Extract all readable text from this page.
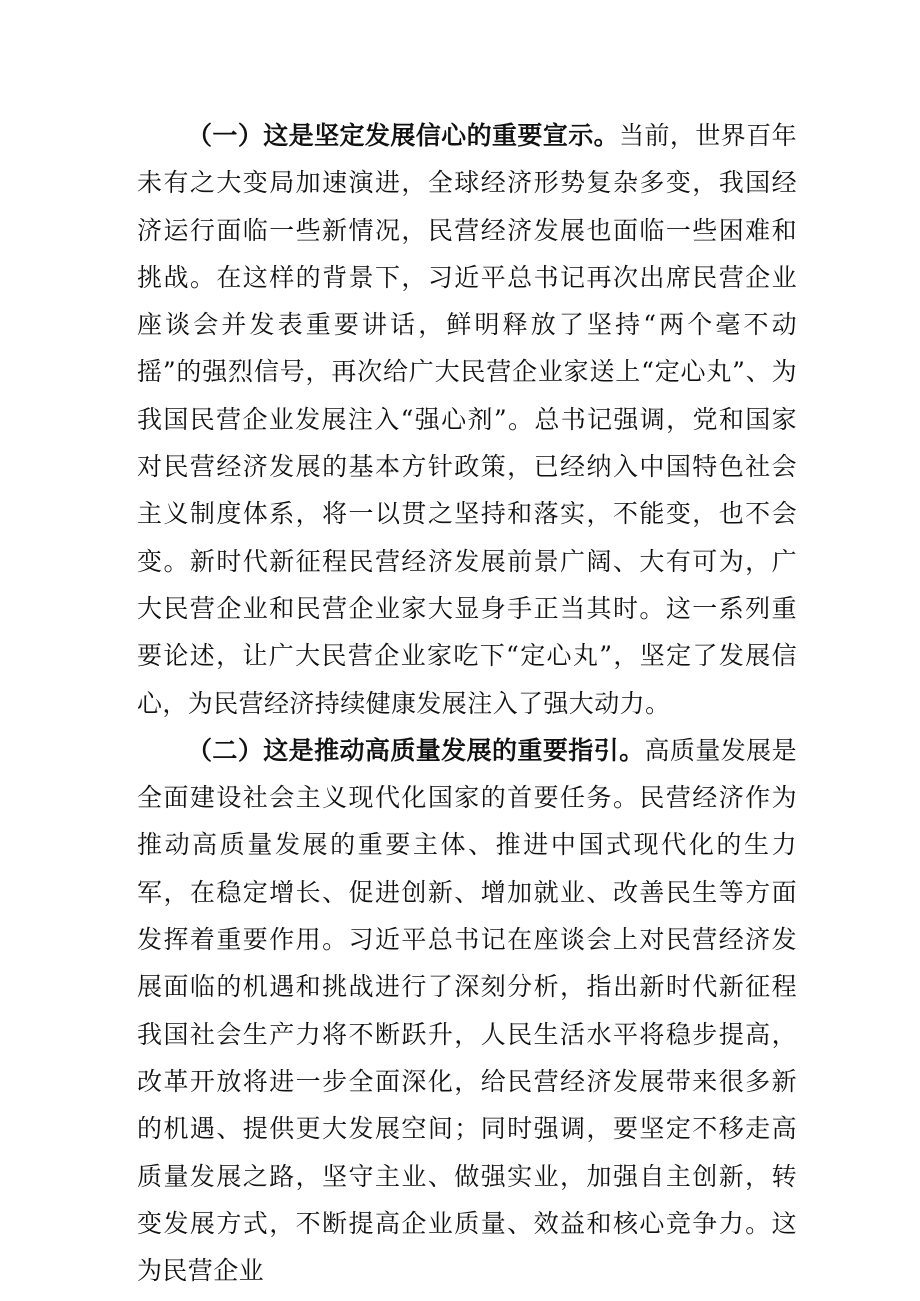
（一）这是坚定发展信心的重要宣示。当前，世界百年未有之大变局加速演进，全球经济形势复杂多变，我国经济运行面临一些新情况，民营经济发展也面临一些困难和挑战。在这样的背景下，习近平总书记再次出席民营企业座谈会并发表重要讲话，鲜明释放了坚持“两个毫不动摇”的强烈信号，再次给广大民营企业家送上“定心丸”、为我国民营企业发展注入“强心剂”。总书记强调，党和国家对民营经济发展的基本方针政策，已经纳入中国特色社会主义制度体系，将一以贯之坚持和落实，不能变，也不会变。新时代新征程民营经济发展前景广阔、大有可为，广大民营企业和民营企业家大显身手正当其时。这一系列重要论述，让广大民营企业家吃下“定心丸”，坚定了发展信心，为民营经济持续健康发展注入了强大动力。

（二）这是推动高质量发展的重要指引。高质量发展是全面建设社会主义现代化国家的首要任务。民营经济作为推动高质量发展的重要主体、推进中国式现代化的生力军，在稳定增长、促进创新、增加就业、改善民生等方面发挥着重要作用。习近平总书记在座谈会上对民营经济发展面临的机遇和挑战进行了深刻分析，指出新时代新征程我国社会生产力将不断跃升，人民生活水平将稳步提高，改革开放将进一步全面深化，给民营经济发展带来很多新的机遇、提供更大发展空间；同时强调，要坚定不移走高质量发展之路，坚守主业、做强实业，加强自主创新，转变发展方式，不断提高企业质量、效益和核心竞争力。这为民营企业
